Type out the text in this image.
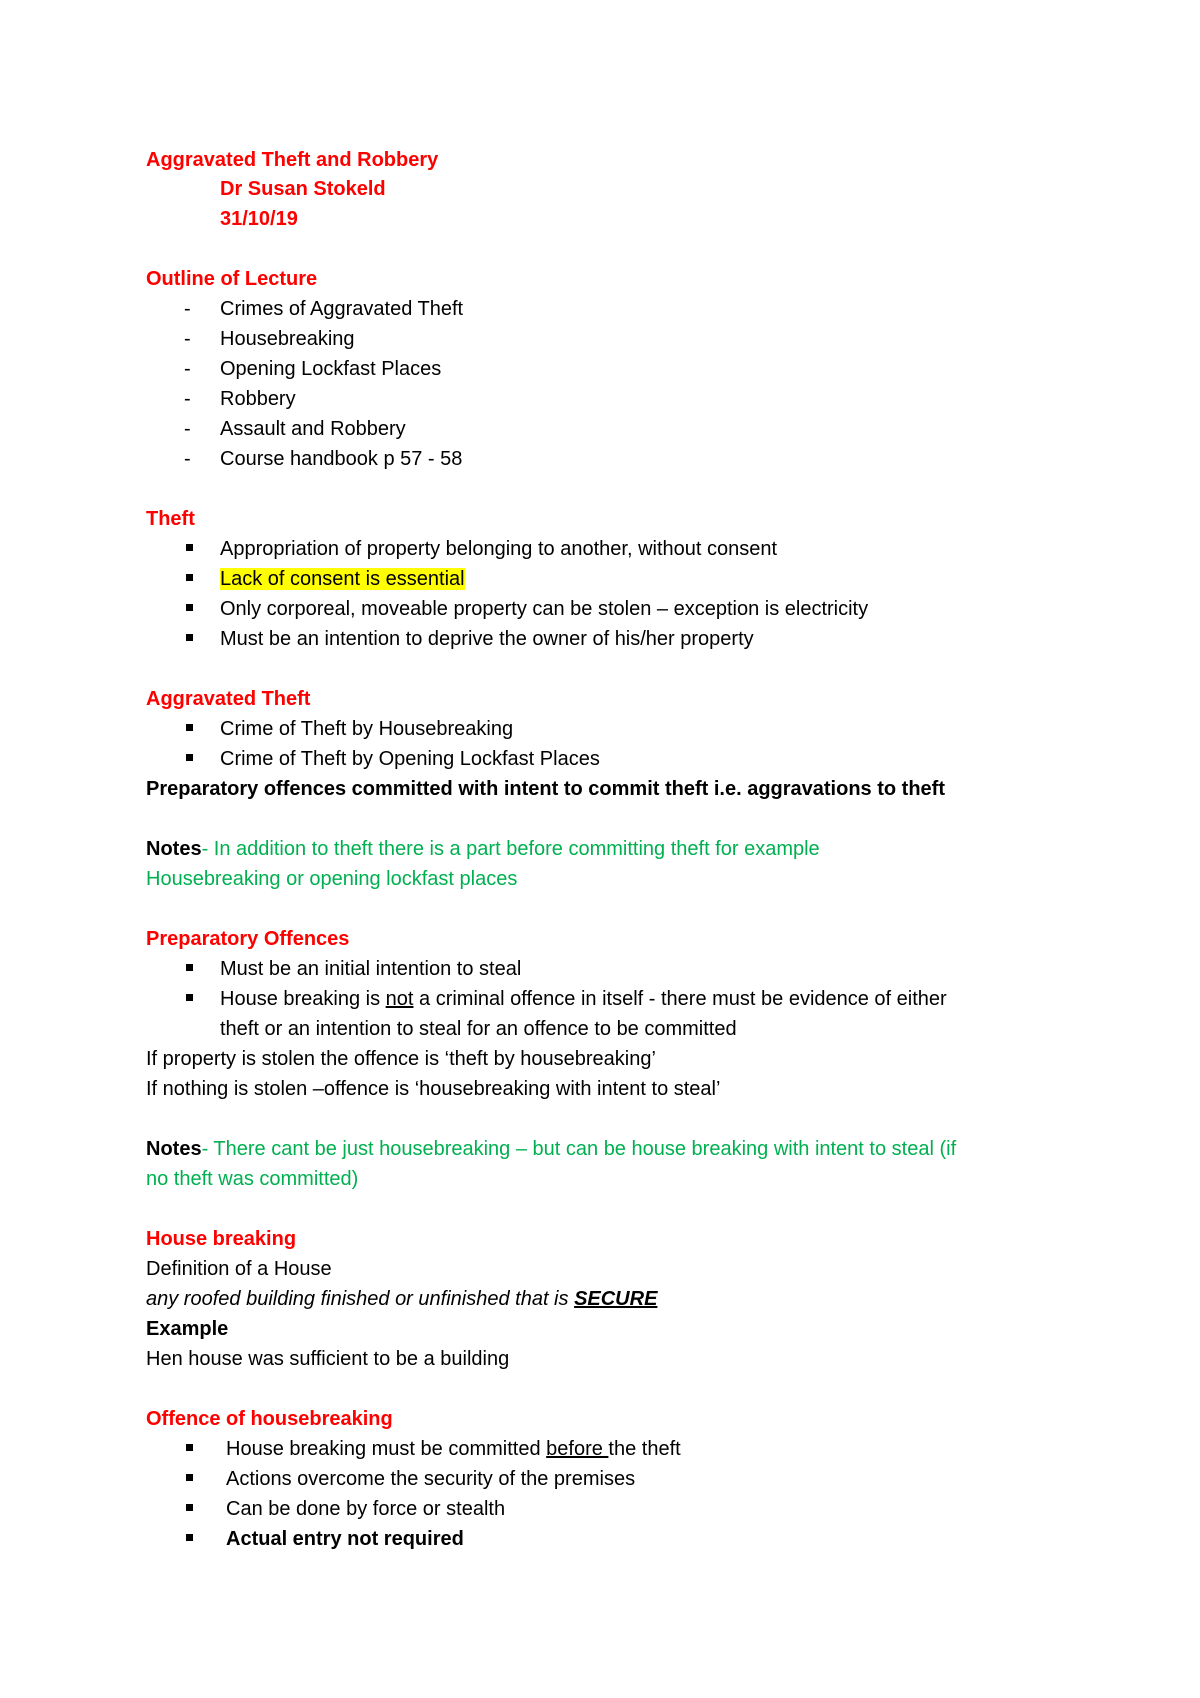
Aggravated Theft and Robbery
Dr Susan Stokeld
31/10/19
Outline of Lecture
- Crimes of Aggravated Theft
- Housebreaking
- Opening Lockfast Places
- Robbery
- Assault and Robbery
- Course handbook p 57 - 58
Theft
Appropriation of property belonging to another, without consent
Lack of consent is essential
Only corporeal, moveable property can be stolen – exception is electricity
Must be an intention to deprive the owner of his/her property
Aggravated Theft
Crime of Theft by Housebreaking
Crime of Theft by Opening Lockfast Places
Preparatory offences committed with intent to commit theft i.e. aggravations to theft
Notes- In addition to theft there is a part before committing theft for example
Housebreaking or opening lockfast places
Preparatory Offences
Must be an initial intention to steal
House breaking is not a criminal offence in itself - there must be evidence of either
theft or an intention to steal for an offence to be committed
If property is stolen the offence is ‘theft by housebreaking’
If nothing is stolen –offence is ‘housebreaking with intent to steal’
Notes- There cant be just housebreaking – but can be house breaking with intent to steal (if
no theft was committed)
House breaking
Definition of a House
any roofed building finished or unfinished that is SECURE
Example
Hen house was sufficient to be a building
Offence of housebreaking
House breaking must be committed before the theft
Actions overcome the security of the premises
Can be done by force or stealth
Actual entry not required
